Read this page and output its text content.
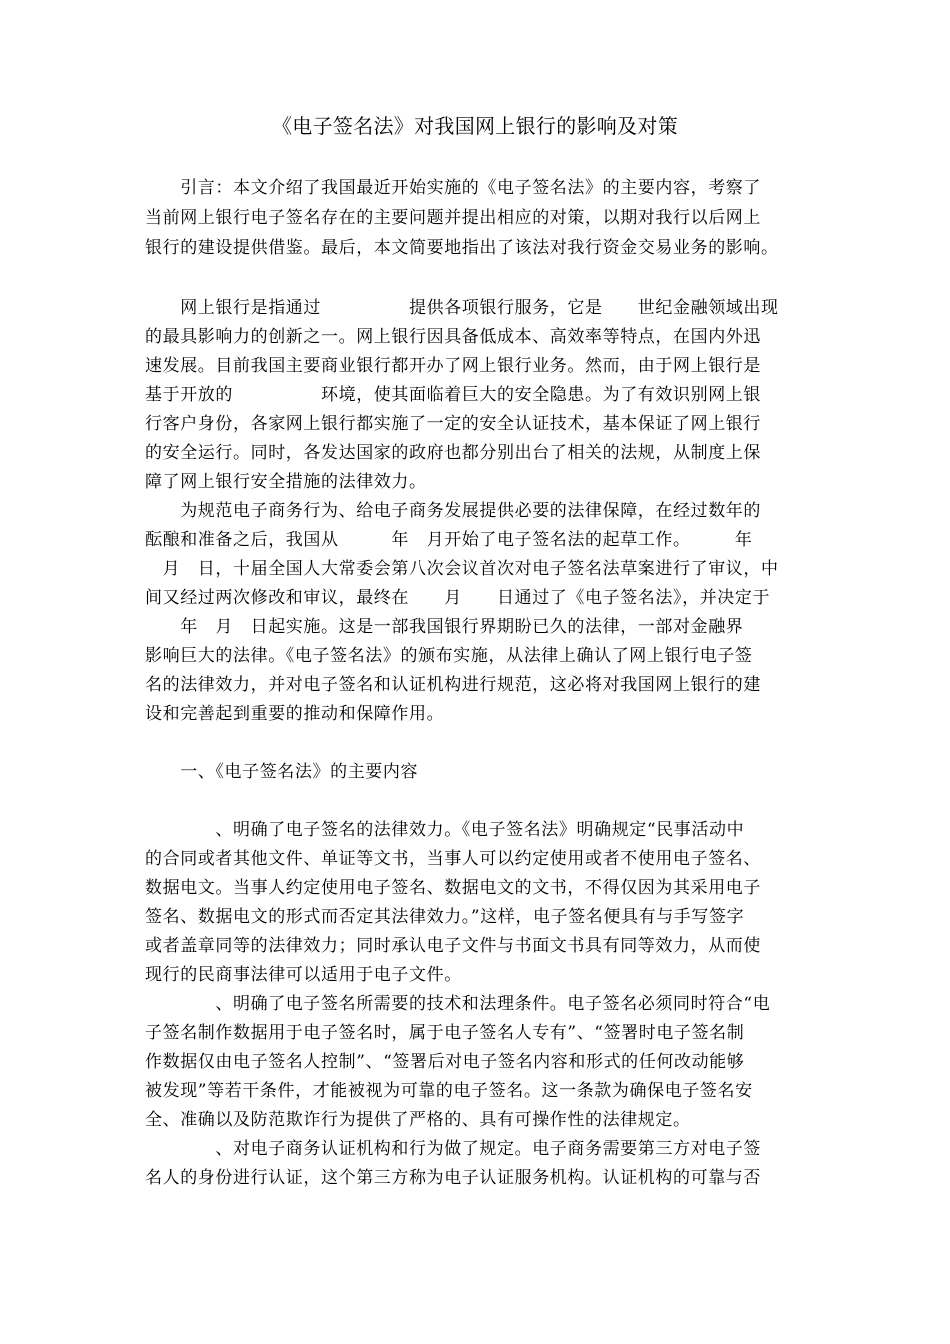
《电子签名法》对我国网上银行的影响及对策
　　引言：本文介绍了我国最近开始实施的《电子签名法》的主要内容，考察了
当前网上银行电子签名存在的主要问题并提出相应的对策，以期对我行以后网上
银行的建设提供借鉴。最后，本文简要地指出了该法对我行资金交易业务的影响。
　　网上银行是指通过　　　　　提供各项银行服务，它是　　世纪金融领域出现
的最具影响力的创新之一。网上银行因具备低成本、高效率等特点，在国内外迅
速发展。目前我国主要商业银行都开办了网上银行业务。然而，由于网上银行是
基于开放的　　　　　环境，使其面临着巨大的安全隐患。为了有效识别网上银
行客户身份，各家网上银行都实施了一定的安全认证技术，基本保证了网上银行
的安全运行。同时，各发达国家的政府也都分别出台了相关的法规，从制度上保
障了网上银行安全措施的法律效力。
　　为规范电子商务行为、给电子商务发展提供必要的法律保障，在经过数年的
酝酿和准备之后，我国从　　　年　月开始了电子签名法的起草工作。　　　年
　月　日，十届全国人大常委会第八次会议首次对电子签名法草案进行了审议，中
间又经过两次修改和审议，最终在　　月　　日通过了《电子签名法》，并决定于
　　年　月　日起实施。这是一部我国银行界期盼已久的法律，一部对金融界
影响巨大的法律。《电子签名法》的颁布实施，从法律上确认了网上银行电子签
名的法律效力，并对电子签名和认证机构进行规范，这必将对我国网上银行的建
设和完善起到重要的推动和保障作用。
　　一、《电子签名法》的主要内容
　　　　、明确了电子签名的法律效力。《电子签名法》明确规定“民事活动中
的合同或者其他文件、单证等文书，当事人可以约定使用或者不使用电子签名、
数据电文。当事人约定使用电子签名、数据电文的文书，不得仅因为其采用电子
签名、数据电文的形式而否定其法律效力。”这样，电子签名便具有与手写签字
或者盖章同等的法律效力；同时承认电子文件与书面文书具有同等效力，从而使
现行的民商事法律可以适用于电子文件。
　　　　、明确了电子签名所需要的技术和法理条件。电子签名必须同时符合“电
子签名制作数据用于电子签名时，属于电子签名人专有”、“签署时电子签名制
作数据仅由电子签名人控制”、“签署后对电子签名内容和形式的任何改动能够
被发现”等若干条件，才能被视为可靠的电子签名。这一条款为确保电子签名安
全、准确以及防范欺诈行为提供了严格的、具有可操作性的法律规定。
　　　　、对电子商务认证机构和行为做了规定。电子商务需要第三方对电子签
名人的身份进行认证，这个第三方称为电子认证服务机构。认证机构的可靠与否
